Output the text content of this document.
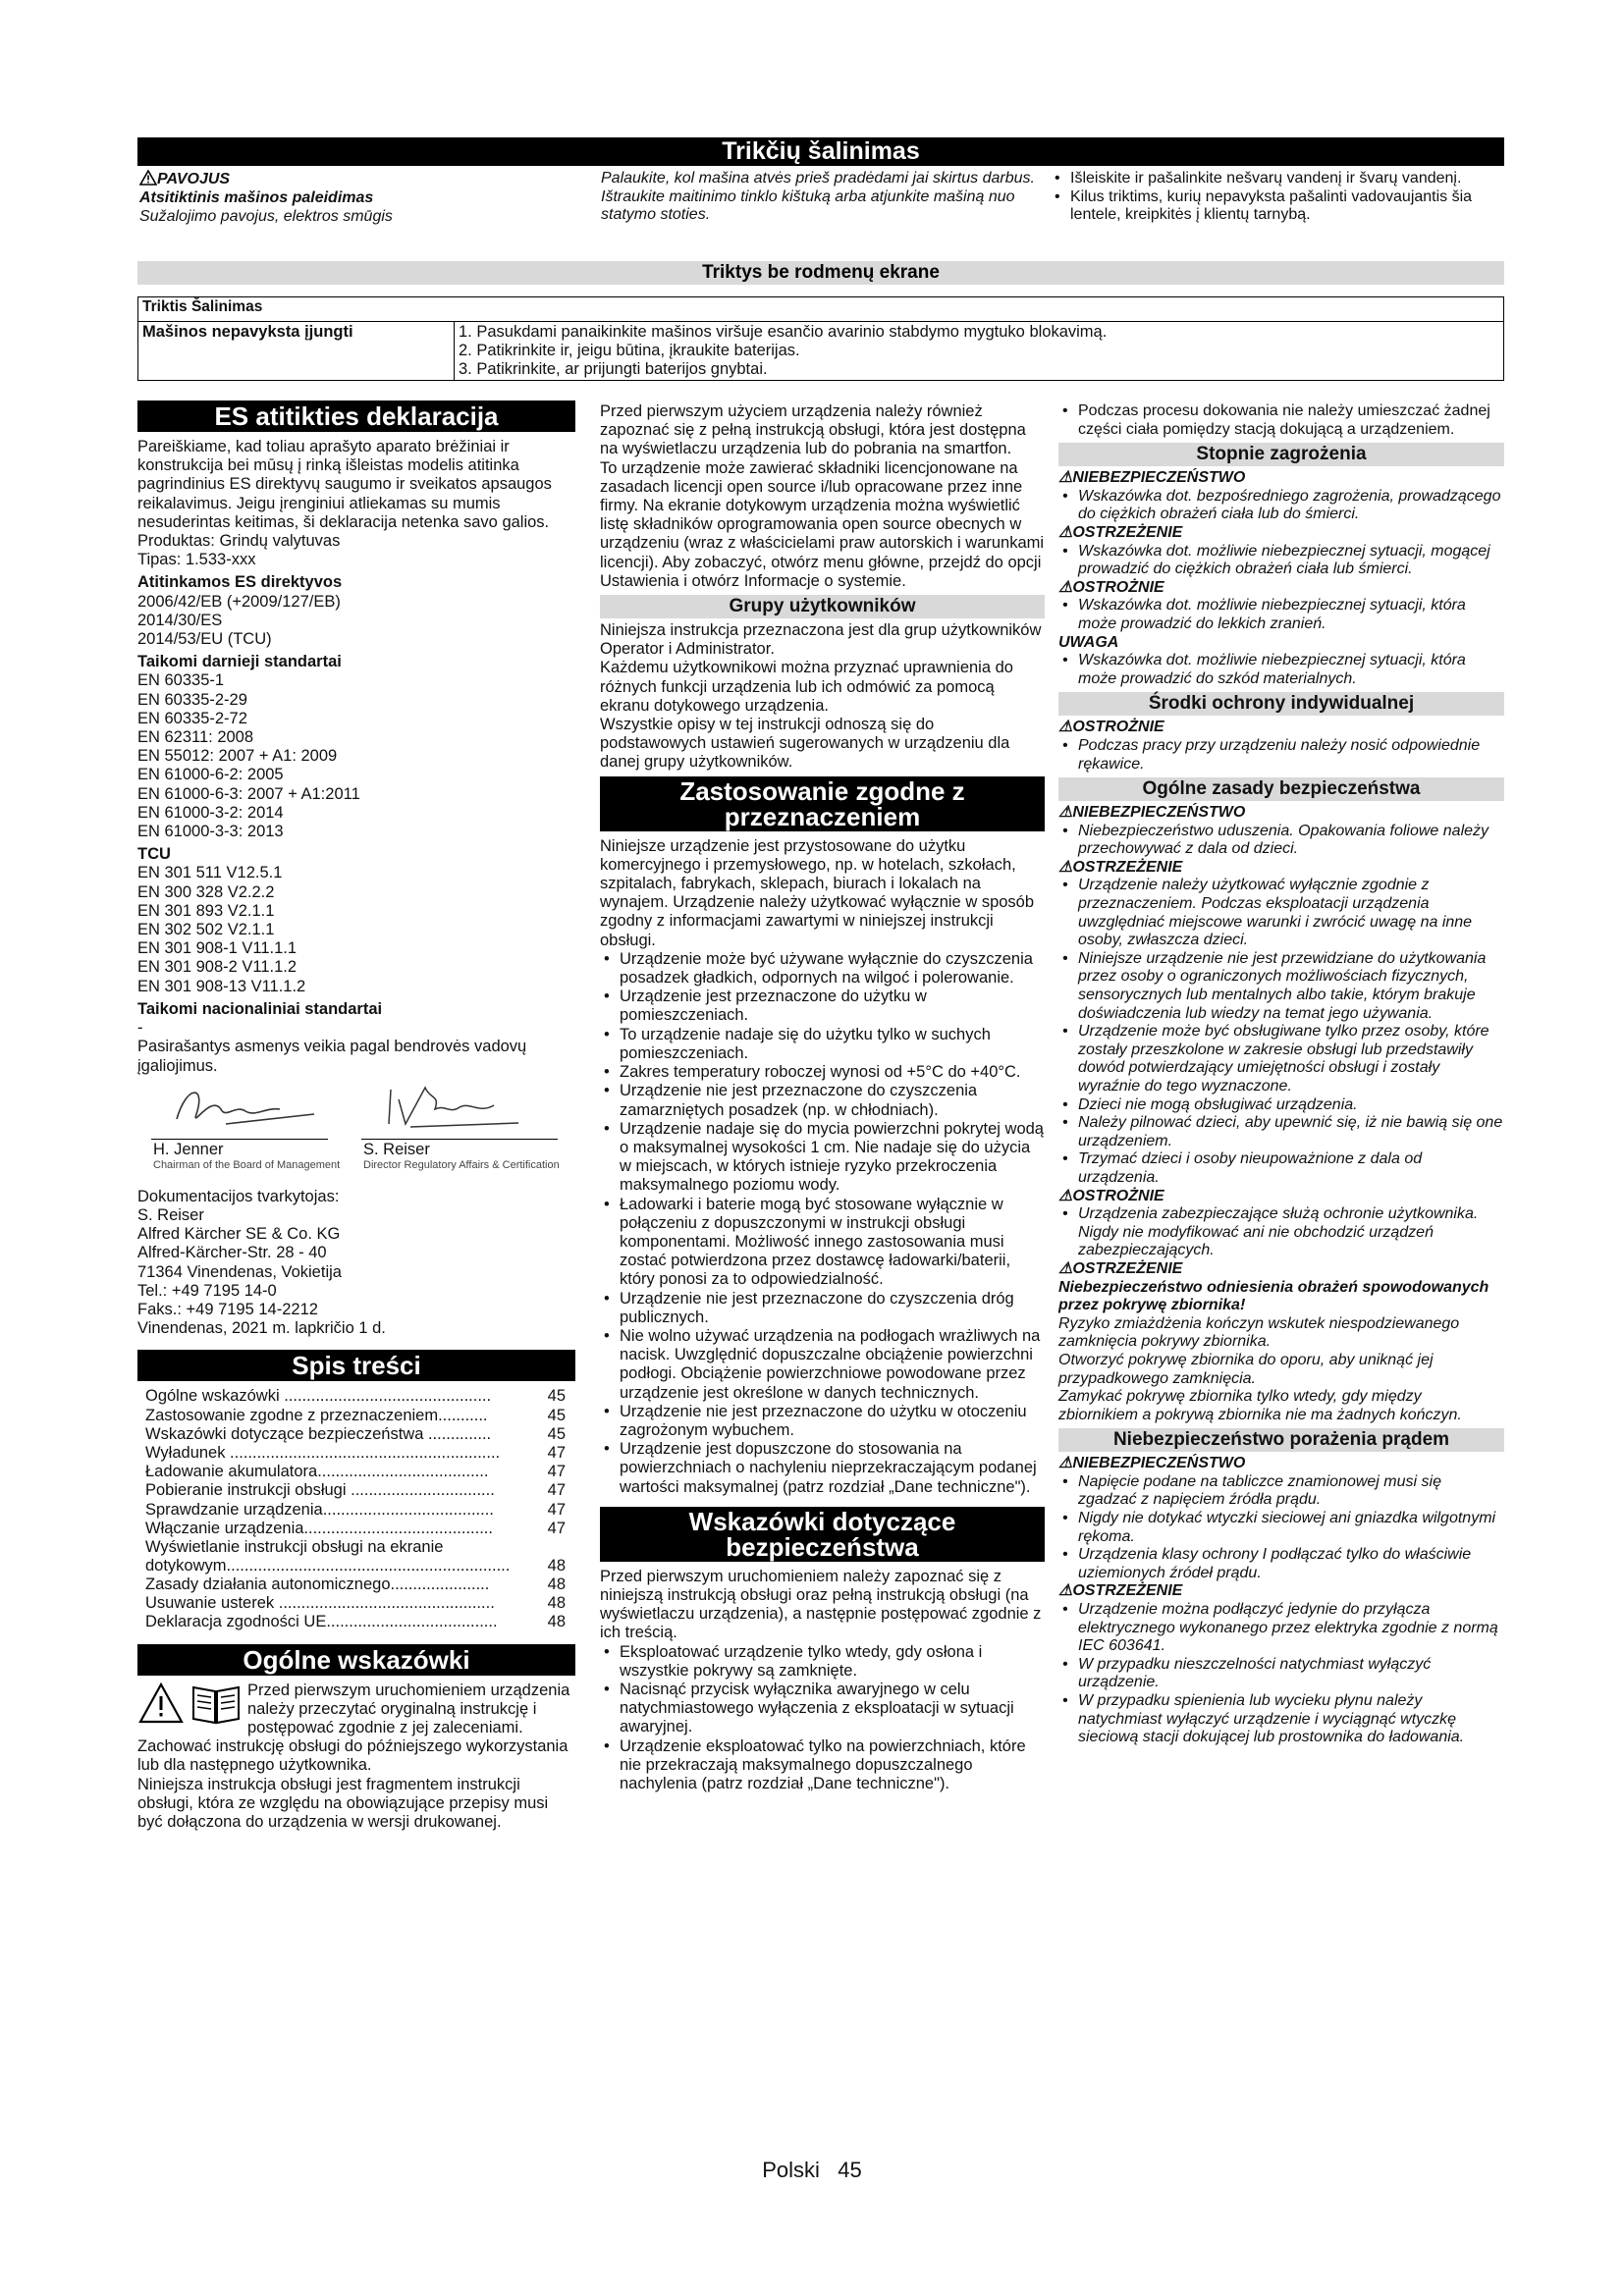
Trikčių šalinimas
PAVOJUS
Atsitiktinis mašinos paleidimas
Sužalojimo pavojus, elektros smūgis
Palaukite, kol mašina atvės prieš pradėdami jai skirtus darbus.
Ištraukite maitinimo tinklo kištuką arba atjunkite mašiną nuo statymo stoties.
• Išleiskite ir pašalinkite nešvarų vandenį ir švarų vandenį.
• Kilus triktims, kurių nepavyksta pašalinti vadovaujantis šia lentele, kreipkitės į klientų tarnybą.
Triktys be rodmenų ekrane
Triktis Šalinimas
Mašinos nepavyksta įjungti	1. Pasukdami panaikinkite mašinos viršuje esančio avarinio stabdymo mygtuko blokavimą.
2. Patikrinkite ir, jeigu būtina, įkraukite baterijas.
3. Patikrinkite, ar prijungti baterijos gnybtai.
ES atitikties deklaracija

Pareiškiame, kad toliau aprašyto aparato brėžiniai ir konstrukcija bei mūsų į rinką išleistas modelis atitinka pagrindinius ES direktyvų saugumo ir sveikatos apsaugos reikalavimus. Jeigu įrenginiui atliekamas su mumis nesuderintas keitimas, ši deklaracija netenka savo galios.

Produktas: Grindų valytuvas

Tipas: 1.533-xxx

Atitinkamos ES direktyvos

2006/42/EB (+2009/127/EB)

2014/30/ES

2014/53/EU (TCU)

Taikomi darnieji standartai

EN 60335-1

EN 60335-2-29

EN 60335-2-72

EN 62311: 2008

EN 55012: 2007 + A1: 2009

EN 61000-6-2: 2005

EN 61000-6-3: 2007 + A1:2011

EN 61000-3-2: 2014

EN 61000-3-3: 2013

TCU

EN 301 511 V12.5.1

EN 300 328 V2.2.2

EN 301 893 V2.1.1

EN 302 502 V2.1.1

EN 301 908-1 V11.1.1

EN 301 908-2 V11.1.2

EN 301 908-13 V11.1.2

Taikomi nacionaliniai standartai

-

Pasirašantys asmenys veikia pagal bendrovės vadovų įgaliojimus.

H. Jenner
Chairman of the Board of Management
S. Reiser
Director Regulatory Affairs & Certification

Dokumentacijos tvarkytojas:

S. Reiser

Alfred Kärcher SE & Co. KG

Alfred-Kärcher-Str. 28 - 40

71364 Vinendenas, Vokietija

Tel.: +49 7195 14-0

Faks.: +49 7195 14-2212

Vinendenas, 2021 m. lapkričio 1 d.

Spis treści
Ogólne wskazówki ..............................................	45
Zastosowanie zgodne z przeznaczeniem...........	45
Wskazówki dotyczące bezpieczeństwa ..............	45
Wyładunek ............................................................	47
Ładowanie akumulatora......................................	47
Pobieranie instrukcji obsługi ................................	47
Sprawdzanie urządzenia......................................	47
Włączanie urządzenia..........................................	47
Wyświetlanie instrukcji obsługi na ekranie dotykowym...............................................................	48
Zasady działania autonomicznego......................	48
Usuwanie usterek ................................................	48
Deklaracja zgodności UE......................................	48
Ogólne wskazówki

Przed pierwszym uruchomieniem urządzenia należy przeczytać oryginalną instrukcję i postępować zgodnie z jej zaleceniami.

Zachować instrukcję obsługi do późniejszego wykorzystania lub dla następnego użytkownika.

Niniejsza instrukcja obsługi jest fragmentem instrukcji obsługi, która ze względu na obowiązujące przepisy musi być dołączona do urządzenia w wersji drukowanej.

Przed pierwszym użyciem urządzenia należy również zapoznać się z pełną instrukcją obsługi, która jest dostępna na wyświetlaczu urządzenia lub do pobrania na smartfon.

To urządzenie może zawierać składniki licencjonowane na zasadach licencji open source i/lub opracowane przez inne firmy. Na ekranie dotykowym urządzenia można wyświetlić listę składników oprogramowania open source obecnych w urządzeniu (wraz z właścicielami praw autorskich i warunkami licencji). Aby zobaczyć, otwórz menu główne, przejdź do opcji Ustawienia i otwórz Informacje o systemie.

Grupy użytkowników

Niniejsza instrukcja przeznaczona jest dla grup użytkowników Operator i Administrator.

Każdemu użytkownikowi można przyznać uprawnienia do różnych funkcji urządzenia lub ich odmówić za pomocą ekranu dotykowego urządzenia.

Wszystkie opisy w tej instrukcji odnoszą się do podstawowych ustawień sugerowanych w urządzeniu dla danej grupy użytkowników.

Zastosowanie zgodne z przeznaczeniem

Niniejsze urządzenie jest przystosowane do użytku komercyjnego i przemysłowego, np. w hotelach, szkołach, szpitalach, fabrykach, sklepach, biurach i lokalach na wynajem. Urządzenie należy użytkować wyłącznie w sposób zgodny z informacjami zawartymi w niniejszej instrukcji obsługi.

• Urządzenie może być używane wyłącznie do czyszczenia posadzek gładkich, odpornych na wilgoć i polerowanie.
• Urządzenie jest przeznaczone do użytku w pomieszczeniach.
• To urządzenie nadaje się do użytku tylko w suchych pomieszczeniach.
• Zakres temperatury roboczej wynosi od +5°C do +40°C.
• Urządzenie nie jest przeznaczone do czyszczenia zamarzniętych posadzek (np. w chłodniach).
• Urządzenie nadaje się do mycia powierzchni pokrytej wodą o maksymalnej wysokości 1 cm. Nie nadaje się do użycia w miejscach, w których istnieje ryzyko przekroczenia maksymalnego poziomu wody.
• Ładowarki i baterie mogą być stosowane wyłącznie w połączeniu z dopuszczonymi w instrukcji obsługi komponentami. Możliwość innego zastosowania musi zostać potwierdzona przez dostawcę ładowarki/baterii, który ponosi za to odpowiedzialność.
• Urządzenie nie jest przeznaczone do czyszczenia dróg publicznych.
• Nie wolno używać urządzenia na podłogach wrażliwych na nacisk. Uwzględnić dopuszczalne obciążenie powierzchni podłogi. Obciążenie powierzchniowe powodowane przez urządzenie jest określone w danych technicznych.
• Urządzenie nie jest przeznaczone do użytku w otoczeniu zagrożonym wybuchem.
• Urządzenie jest dopuszczone do stosowania na powierzchniach o nachyleniu nieprzekraczającym podanej wartości maksymalnej (patrz rozdział „Dane techniczne").
Wskazówki dotyczące bezpieczeństwa

Przed pierwszym uruchomieniem należy zapoznać się z niniejszą instrukcją obsługi oraz pełną instrukcją obsługi (na wyświetlaczu urządzenia), a następnie postępować zgodnie z ich treścią.

• Eksploatować urządzenie tylko wtedy, gdy osłona i wszystkie pokrywy są zamknięte.
• Nacisnąć przycisk wyłącznika awaryjnego w celu natychmiastowego wyłączenia z eksploatacji w sytuacji awaryjnej.
• Urządzenie eksploatować tylko na powierzchniach, które nie przekraczają maksymalnego dopuszczalnego nachylenia (patrz rozdział „Dane techniczne").
• Podczas procesu dokowania nie należy umieszczać żadnej części ciała pomiędzy stacją dokującą a urządzeniem.
Stopnie zagrożenia

⚠NIEBEZPIECZEŃSTWO

• Wskazówka dot. bezpośredniego zagrożenia, prowadzącego do ciężkich obrażeń ciała lub do śmierci.

⚠OSTRZEŻENIE

• Wskazówka dot. możliwie niebezpiecznej sytuacji, mogącej prowadzić do ciężkich obrażeń ciała lub śmierci.

⚠OSTROŻNIE

• Wskazówka dot. możliwie niebezpiecznej sytuacji, która może prowadzić do lekkich zranień.

UWAGA

• Wskazówka dot. możliwie niebezpiecznej sytuacji, która może prowadzić do szkód materialnych.
Środki ochrony indywidualnej

⚠OSTROŻNIE

• Podczas pracy przy urządzeniu należy nosić odpowiednie rękawice.
Ogólne zasady bezpieczeństwa

⚠NIEBEZPIECZEŃSTWO

• Niebezpieczeństwo uduszenia. Opakowania foliowe należy przechowywać z dala od dzieci.

⚠OSTRZEŻENIE

• Urządzenie należy użytkować wyłącznie zgodnie z przeznaczeniem. Podczas eksploatacji urządzenia uwzględniać miejscowe warunki i zwrócić uwagę na inne osoby, zwłaszcza dzieci.
• Niniejsze urządzenie nie jest przewidziane do użytkowania przez osoby o ograniczonych możliwościach fizycznych, sensorycznych lub mentalnych albo takie, którym brakuje doświadczenia lub wiedzy na temat jego używania.
• Urządzenie może być obsługiwane tylko przez osoby, które zostały przeszkolone w zakresie obsługi lub przedstawiły dowód potwierdzający umiejętności obsługi i zostały wyraźnie do tego wyznaczone.
• Dzieci nie mogą obsługiwać urządzenia.
• Należy pilnować dzieci, aby upewnić się, iż nie bawią się one urządzeniem.
• Trzymać dzieci i osoby nieupoważnione z dala od urządzenia.

⚠OSTROŻNIE

• Urządzenia zabezpieczające służą ochronie użytkownika. Nigdy nie modyfikować ani nie obchodzić urządzeń zabezpieczających.

⚠OSTRZEŻENIE

Niebezpieczeństwo odniesienia obrażeń spowodowanych przez pokrywę zbiornika!

Ryzyko zmiażdżenia kończyn wskutek niespodziewanego zamknięcia pokrywy zbiornika.

Otworzyć pokrywę zbiornika do oporu, aby uniknąć jej przypadkowego zamknięcia.

Zamykać pokrywę zbiornika tylko wtedy, gdy między zbiornikiem a pokrywą zbiornika nie ma żadnych kończyn.

Niebezpieczeństwo porażenia prądem

⚠NIEBEZPIECZEŃSTWO

• Napięcie podane na tabliczce znamionowej musi się zgadzać z napięciem źródła prądu.
• Nigdy nie dotykać wtyczki sieciowej ani gniazdka wilgotnymi rękoma.
• Urządzenia klasy ochrony I podłączać tylko do właściwie uziemionych źródeł prądu.

⚠OSTRZEŻENIE

• Urządzenie można podłączyć jedynie do przyłącza elektrycznego wykonanego przez elektryka zgodnie z normą IEC 603641.
• W przypadku nieszczelności natychmiast wyłączyć urządzenie.
• W przypadku spienienia lub wycieku płynu należy natychmiast wyłączyć urządzenie i wyciągnąć wtyczkę sieciową stacji dokującej lub prostownika do ładowania.
Polski 45
